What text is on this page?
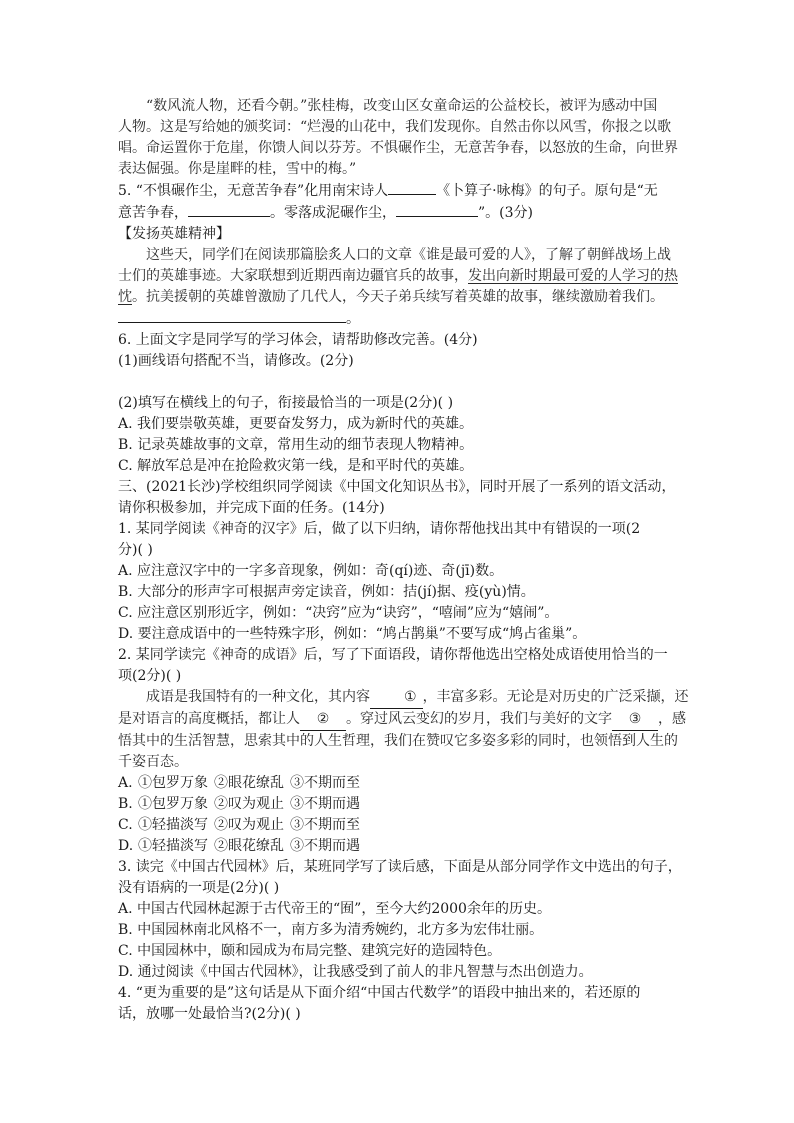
“数风流人物，还看今朝。”张桂梅，改变山区女童命运的公益校长，被评为感动中国

人物。这是写给她的颁奖词：“烂漫的山花中，我们发现你。自然击你以风雪，你报之以歌

唱。命运置你于危崖，你馈人间以芬芳。不惧碾作尘，无意苦争春，以怒放的生命，向世界

表达倔强。你是崖畔的桂，雪中的梅。”

5. “不惧碾作尘，无意苦争春”化用南宋诗人	《卜算子·咏梅》的句子。原句是“无

意苦争春，	。零落成泥碾作尘，	”。(3分)

【发扬英雄精神】

这些天，同学们在阅读那篇脍炙人口的文章《谁是最可爱的人》，了解了朝鲜战场上战

士们的英雄事迹。大家联想到近期西南边疆官兵的故事，发出向新时期最可爱的人学习的热

忱。抗美援朝的英雄曾激励了几代人，今天子弟兵续写着英雄的故事，继续激励着我们。

。

6. 上面文字是同学写的学习体会，请帮助修改完善。(4分)

(1)画线语句搭配不当，请修改。(2分)

(2)填写在横线上的句子，衔接最恰当的一项是(2分)( )

A. 我们要崇敬英雄，更要奋发努力，成为新时代的英雄。

B. 记录英雄故事的文章，常用生动的细节表现人物精神。

C. 解放军总是冲在抢险救灾第一线，是和平时代的英雄。

三、(2021长沙)学校组织同学阅读《中国文化知识丛书》，同时开展了一系列的语文活动，

请你积极参加，并完成下面的任务。(14分)

1. 某同学阅读《神奇的汉字》后，做了以下归纳，请你帮他找出其中有错误的一项(2

分)( )

A. 应注意汉字中的一字多音现象，例如：奇(qí)迹、奇(jī)数。

B. 大部分的形声字可根据声旁定读音，例如：拮(jí)据、疫(yù)情。

C. 应注意区别形近字，例如：“决窍”应为“诀窍”，“嘻闹”应为“嬉闹”。

D. 要注意成语中的一些特殊字形，例如：“鸠占鹊巢”不要写成“鸠占雀巢”。

2. 某同学读完《神奇的成语》后，写了下面语段，请你帮他选出空格处成语使用恰当的一

项(2分)( )

成语是我国特有的一种文化，其内容 ① ，丰富多彩。无论是对历史的广泛采撷，还

是对语言的高度概括，都让人 ② 。穿过风云变幻的岁月，我们与美好的文字 ③ ，感

悟其中的生活智慧，思索其中的人生哲理，我们在赞叹它多姿多彩的同时，也领悟到人生的

千姿百态。

A. ①包罗万象 ②眼花缭乱 ③不期而至

B. ①包罗万象 ②叹为观止 ③不期而遇

C. ①轻描淡写 ②叹为观止 ③不期而至

D. ①轻描淡写 ②眼花缭乱 ③不期而遇

3. 读完《中国古代园林》后，某班同学写了读后感，下面是从部分同学作文中选出的句子，

没有语病的一项是(2分)( )

A. 中国古代园林起源于古代帝王的“囿”，至今大约2000余年的历史。

B. 中国园林南北风格不一，南方多为清秀婉约，北方多为宏伟壮丽。

C. 中国园林中，颐和园成为布局完整、建筑完好的造园特色。

D. 通过阅读《中国古代园林》，让我感受到了前人的非凡智慧与杰出创造力。

4. “更为重要的是”这句话是从下面介绍“中国古代数学”的语段中抽出来的，若还原的

话，放哪一处最恰当?(2分)( )
